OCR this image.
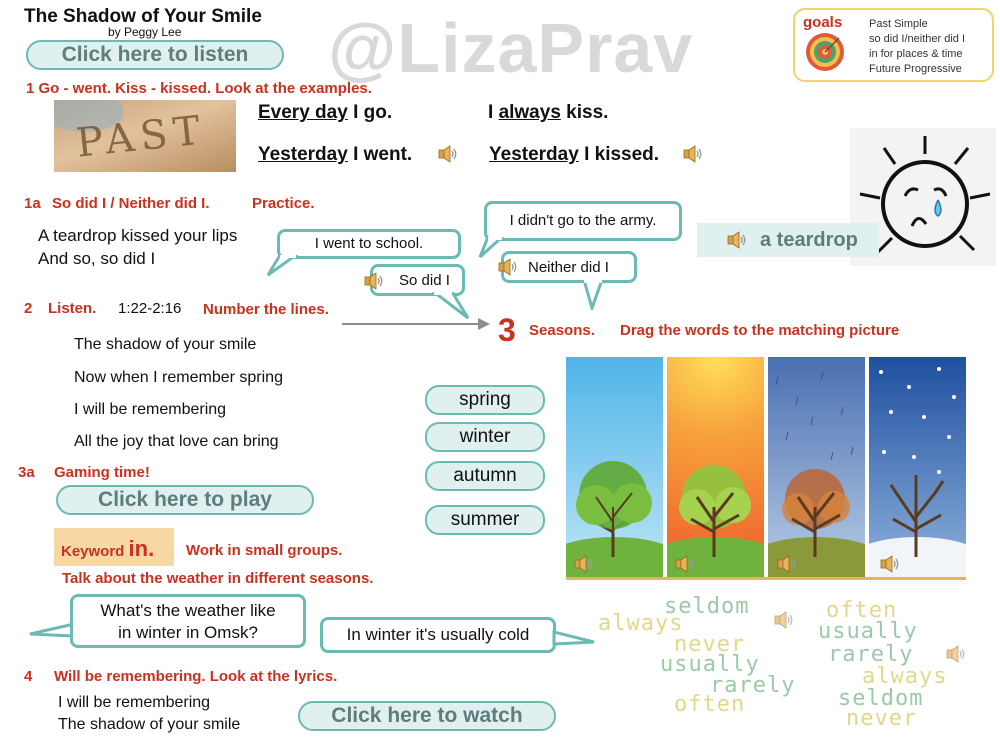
The Shadow of Your Smile
by Peggy Lee
Click here to listen	@LizaPrav	goals Past Simple
so did I/neither did I
in for places & time
Future Progressive
1 Go - went. Kiss - kissed. Look at the examples.
PAST	Every day I go.	I always kiss.
Yesterday I went.	Yesterday I kissed.
1a So did I / Neither did I.	Practice.
A teardrop kissed your lips
And so, so did I
I went to school.
I didn't go to the army.
So did I
Neither did I
a teardrop
2 Listen. 1:22-2:16 Number the lines.
The shadow of your smile
Now when I remember spring
I will be remembering
All the joy that love can bring
3 Seasons. Drag the words to the matching picture
spring
winter
autumn
summer
3a Gaming time!
Click here to play
Keyword in. Work in small groups.
Talk about the weather in different seasons.
What's the weather like
in winter in Omsk?	In winter it's usually cold
seldom
always
never
usually
rarely
often
often
usually
rarely
always
seldom
never
4 Will be remembering. Look at the lyrics.
I will be remembering
The shadow of your smile	Click here to watch
